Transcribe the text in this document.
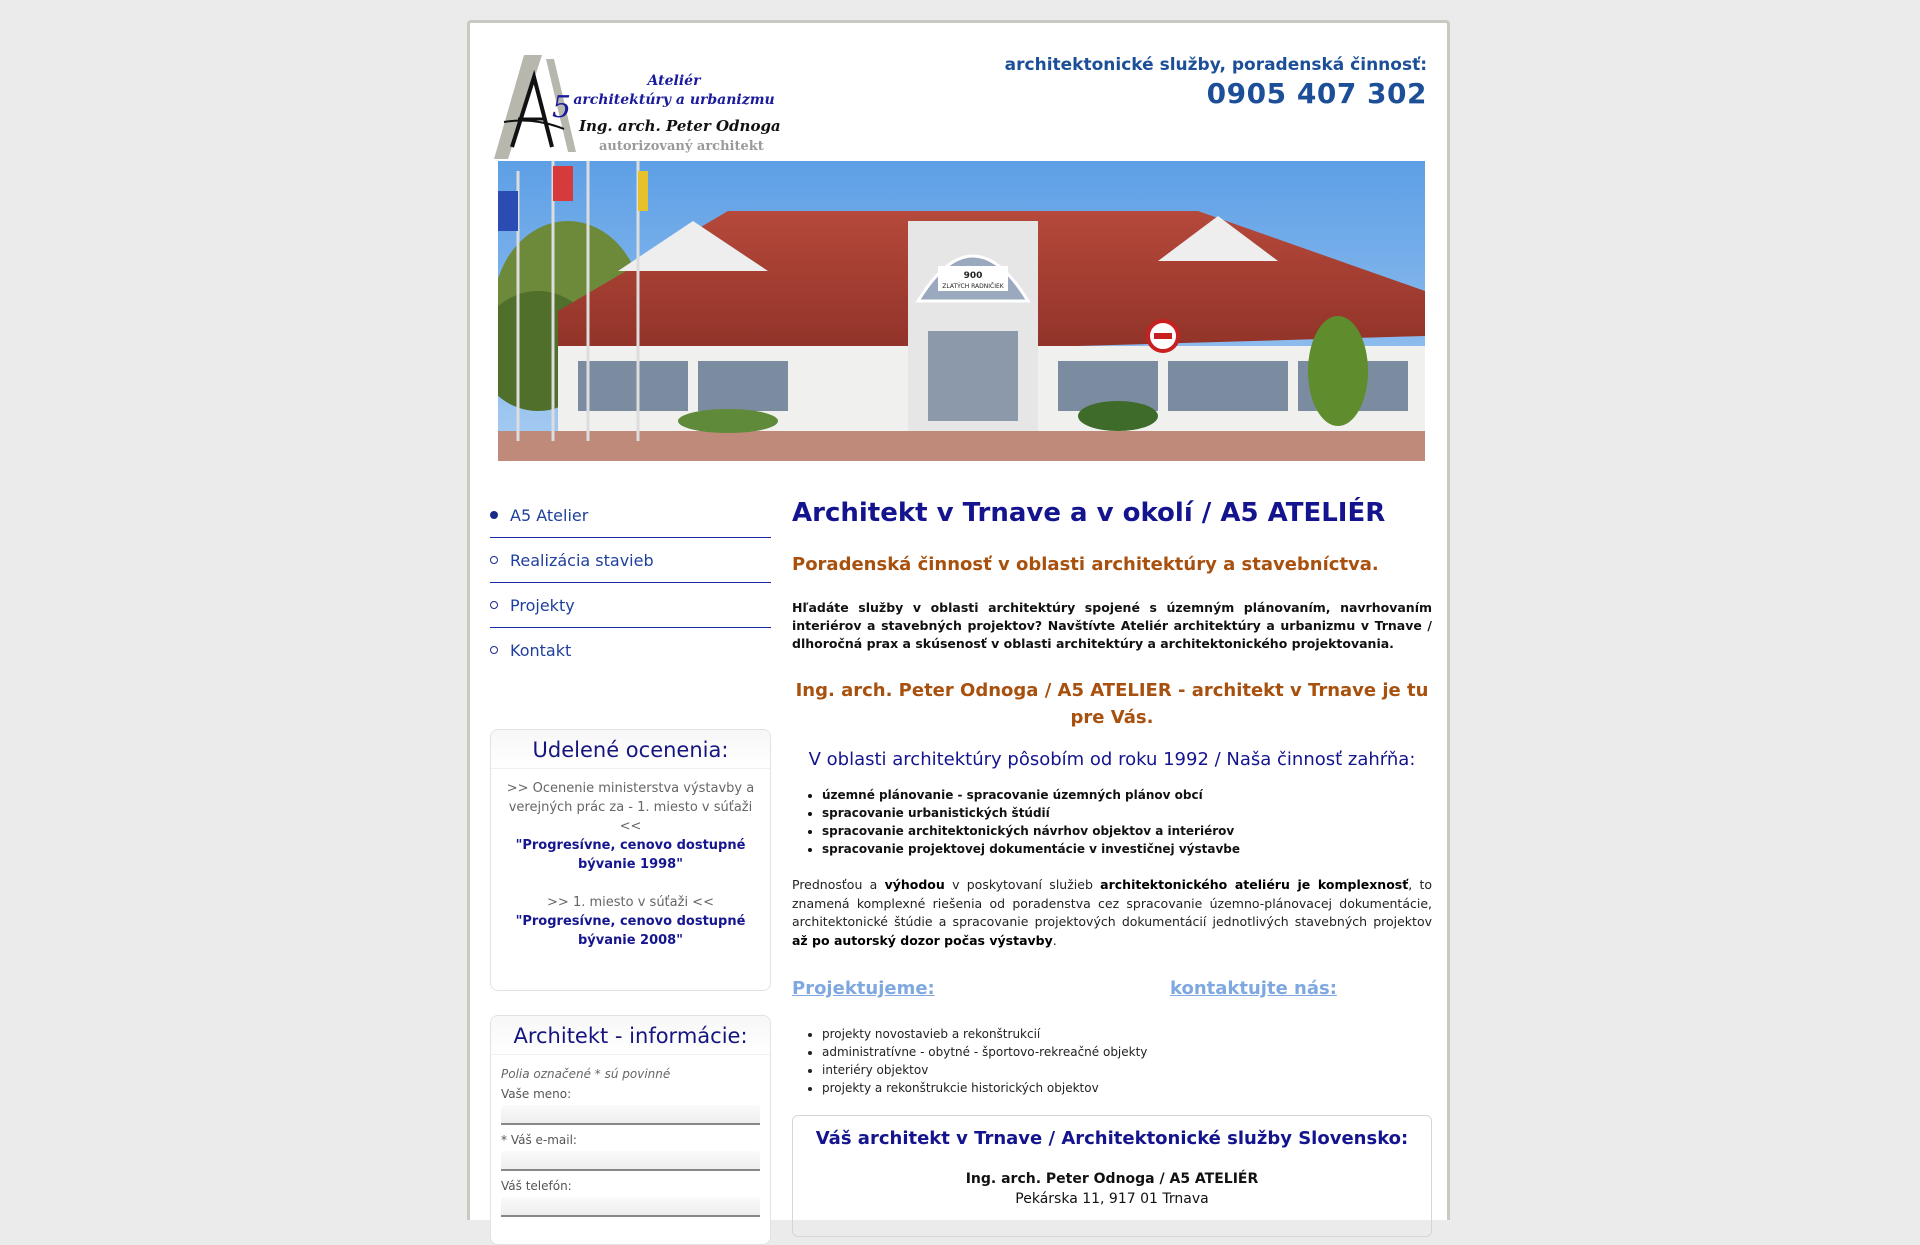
5
Ateliér
architektúry a urbanizmu
Ing. arch. Peter Odnoga
autorizovaný architekt
architektonické služby, poradenská činnosť:
0905 407 302
900
ZLATÝCH RADNIČIEK
A5 Atelier
Realizácia stavieb
Projekty
Kontakt
Udelené ocenenia:
>> Ocenenie ministerstva výstavby a verejných prác za - 1. miesto v súťaži <<
"Progresívne, cenovo dostupné bývanie 1998"
>> 1. miesto v súťaži <<
"Progresívne, cenovo dostupné bývanie 2008"
Architekt - informácie:
Polia označené * sú povinné
Vaše meno:
* Váš e-mail:
Váš telefón:
Architekt v Trnave a v okolí / A5 ATELIÉR
Poradenská činnosť v oblasti architektúry a stavebníctva.

Hľadáte služby v oblasti architektúry spojené s územným plánovaním, navrhovaním interiérov a stavebných projektov? Navštívte Ateliér architektúry a urbanizmu v Trnave / dlhoročná prax a skúsenosť v oblasti architektúry a architektonického projektovania.

Ing. arch. Peter Odnoga / A5 ATELIER - architekt v Trnave je tu pre Vás.
V oblasti architektúry pôsobím od roku 1992 / Naša činnosť zahŕňa:
• územné plánovanie - spracovanie územných plánov obcí
• spracovanie urbanistických štúdií
• spracovanie architektonických návrhov objektov a interiérov
• spracovanie projektovej dokumentácie v investičnej výstavbe

Prednosťou a výhodou v poskytovaní služieb architektonického ateliéru je komplexnosť, to znamená komplexné riešenia od poradenstva cez spracovanie územno-plánovacej dokumentácie, architektonické štúdie a spracovanie projektových dokumentácií jednotlivých stavebných projektov až po autorský dozor počas výstavby.

Projektujeme:	kontaktujte nás:
• projekty novostavieb a rekonštrukcií
• administratívne - obytné - športovo-rekreačné objekty
• interiéry objektov
• projekty a rekonštrukcie historických objektov
Váš architekt v Trnave / Architektonické služby Slovensko:
Ing. arch. Peter Odnoga / A5 ATELIÉR
Pekárska 11, 917 01 Trnava
